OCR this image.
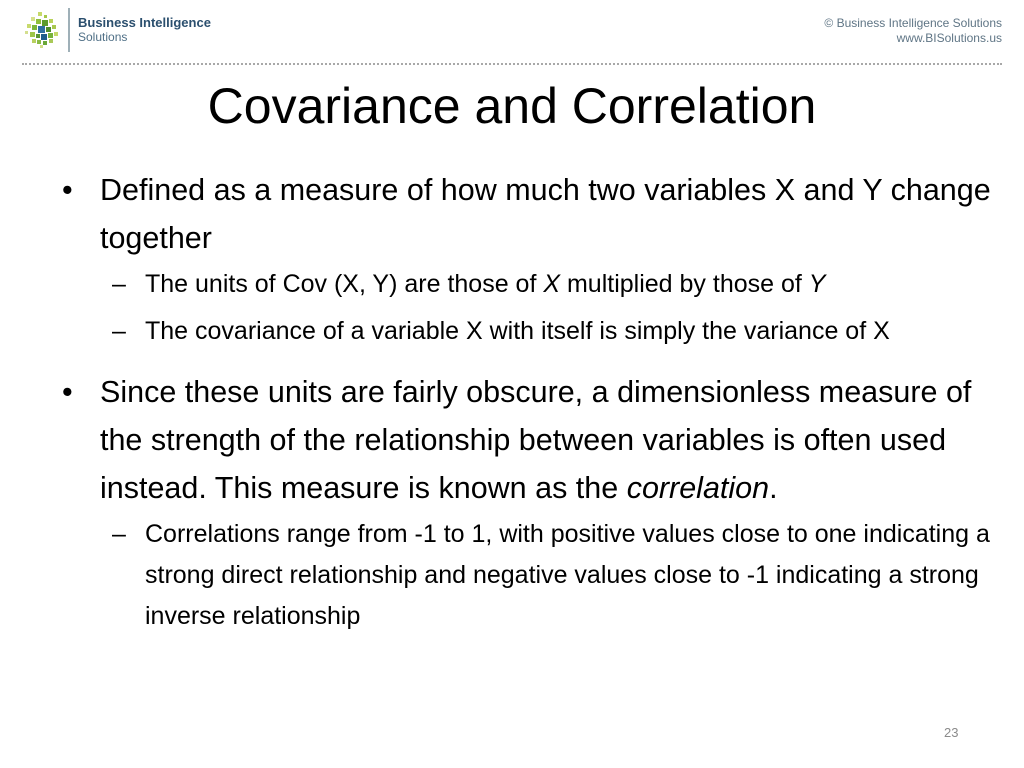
Business Intelligence
Solutions
© Business Intelligence Solutions
www.BISolutions.us
Covariance and Correlation
• Defined as a measure of how much two variables X and Y change together
– The units of Cov (X, Y) are those of X multiplied by those of Y
– The covariance of a variable X with itself is simply the variance of X
• Since these units are fairly obscure, a dimensionless measure of the strength of the relationship between variables is often used instead. This measure is known as the correlation.
– Correlations range from -1 to 1, with positive values close to one indicating a strong direct relationship and negative values close to -1 indicating a strong inverse relationship
23
